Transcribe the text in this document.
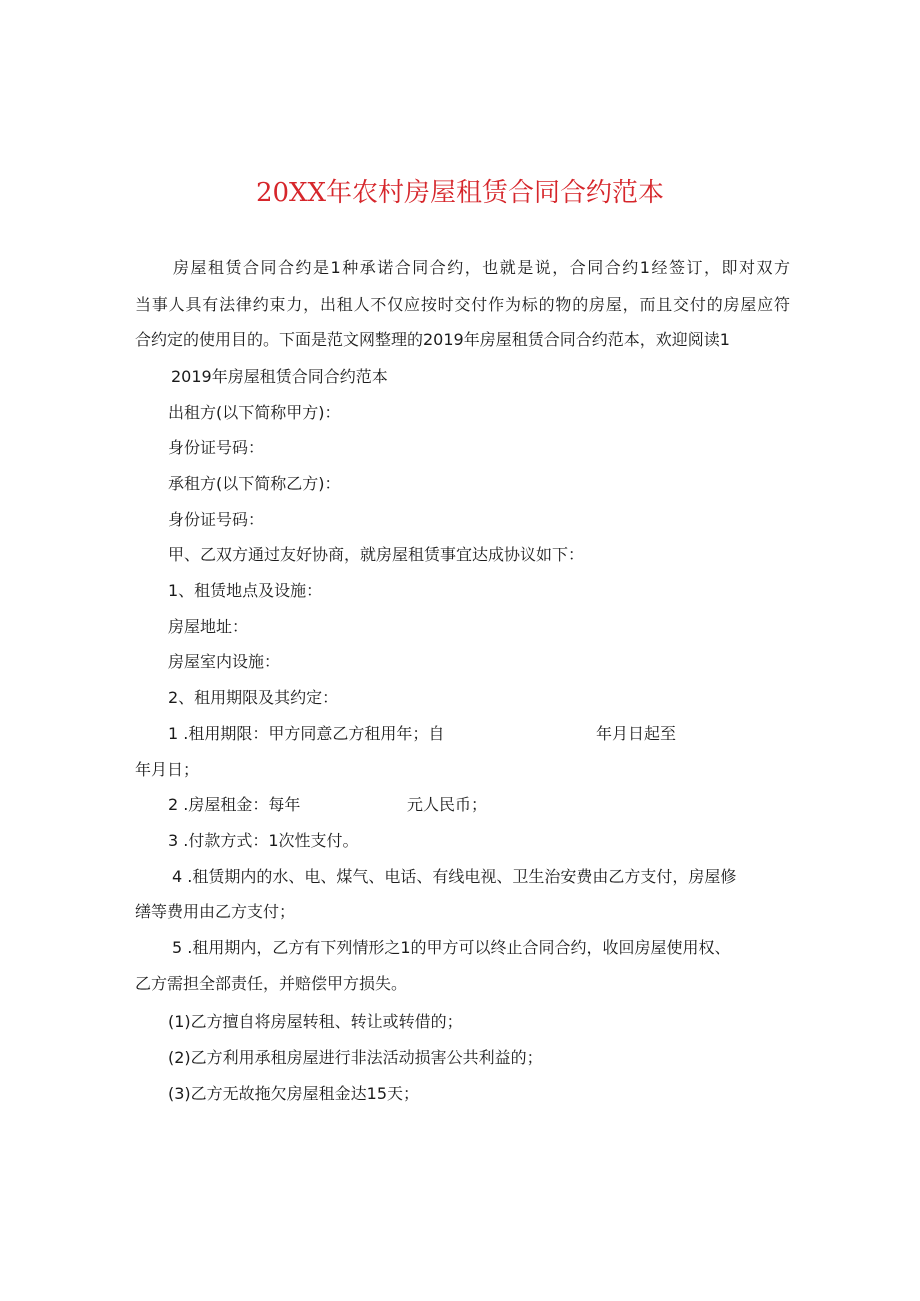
20XX年农村房屋租赁合同合约范本
房屋租赁合同合约是1种承诺合同合约，也就是说，合同合约1经签订，即对双方
当事人具有法律约束力，出租人不仅应按时交付作为标的物的房屋，而且交付的房屋应符
合约定的使用目的。下面是范文网整理的2019年房屋租赁合同合约范本，欢迎阅读1
2019年房屋租赁合同合约范本
出租方(以下简称甲方)：
身份证号码：
承租方(以下简称乙方)：
身份证号码：
甲、乙双方通过友好协商，就房屋租赁事宜达成协议如下：
1、租赁地点及设施：
房屋地址：
房屋室内设施：
2、租用期限及其约定：
1 .租用期限：甲方同意乙方租用年；自	年月日起至
年月日；
2 .房屋租金：每年	元人民币；
3 .付款方式：1次性支付。
4 .租赁期内的水、电、煤气、电话、有线电视、卫生治安费由乙方支付，房屋修
缮等费用由乙方支付；
5 .租用期内，乙方有下列情形之1的甲方可以终止合同合约，收回房屋使用权、
乙方需担全部责任，并赔偿甲方损失。
(1)乙方擅自将房屋转租、转让或转借的；
(2)乙方利用承租房屋进行非法活动损害公共利益的；
(3)乙方无故拖欠房屋租金达15天；
